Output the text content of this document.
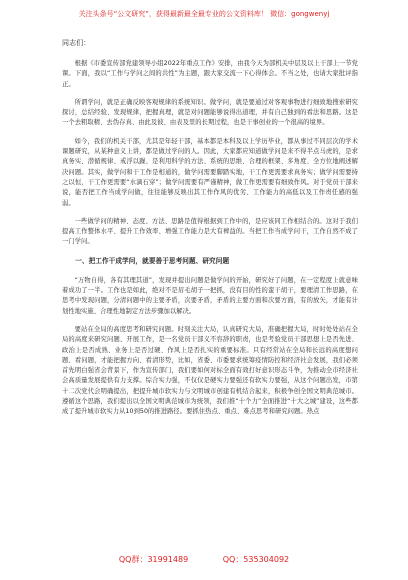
关注头条号“公文研究”，获得最新最全最专业的公文资料库！ 微信：gongwenyj
同志们：

根据《市委宣传部党建领导小组2022年重点工作》安排，由我今天为部机关中层及以上干部上一节党课。下面，我以“工作与学问之间的共性”为主题，跟大家交流一下心得体会。不当之处，也请大家批评指正。

所谓学问，就是正确反映客观规律的系统知识。做学问，就是要通过对客观事物进行细致地搜索研究探讨，总结经验、发现规律，把握真理，就是对问题能够说得出道理，并有自己独到的看法和思路。这是一个去粗取精、去伪存真、由此及彼、由表及里的长期过程，也是干事创业的一个很高的境界。

如今，我们的机关干部，尤其是年轻干部，基本都是本科及以上学历毕业，都从事过不同层次的学术课题研究，从某种意义上讲，都是做过学问的人。因此，大家都应知道做学问是来不得半点马虎的，是求真务实、潜循规律、戒浮以躁、是利用科学的方法、系统的思维、合理的框架、多角度、全方位地阐述解决问题。其实，做学问和干工作是相通的，做学问需要脚踏实地，干工作更需要求真务实；做学问需要持之以恒，干工作更需要“水滴石穿”；做学问需要有严谨精神，做工作更需要有细致作风。对于党员干部来说，能否把工作当成学问做，往往能够反映出其工作作风的优劣、工作能力的高低以及工作责任感的强弱。

一些做学问的精神、态度、方法、思路是值得根据到工作中的，是应该同工作相结合的。这对于我们提高工作整体水平、提升工作效率、增强工作能力是大有裨益的。当把工作当成学问干，工作自然不成了一门学问。

一、把工作干成学问，就要善于思考问题、研究问题

“万物自得，各有其理其道”，发现并提出问题是做学问的开始，研究好了问题，在一定程度上就意味着成功了一半。工作也是如此，绝对不是眉毛胡子一把抓，没有目的性的蛮干胡干，要理清工作思路，在思考中发现问题，分清问题中的主要矛盾，次要矛盾，矛盾的主要方面和次要方面，有的放矢，才能有计划性地实施、合理性地制定方法步骤加以解决。

要站在全局的高度思考和研究问题。时刻关注大局，认真研究大局，准确把握大局，时时处处站在全局的高度来研究问题、开展工作，是一名党员干部义不容辞的职责，也是考验党员干部思想上是否先进、政治上是否成熟、业务上是否过硬、作风上是否扎实的重要标准。只有经常站在全局和长远的高度想问题、看问题，才能把握方向、看清形势，比如，省委、市委要求统筹疫情防控和经济社会发展，我们必须首先明白强省会背景下，作为宣传部门，我们要如何对标全面有效打好意识形态斗争，为推动全市经济社会高质量发展提供有力支撑。综合实力强，不仅仅是硬实力要强还有软实力要强，从这个问题出发，市第十二次党代会明确提出，把提升城市软实力与文明城市创建有机结合起来，积极争创全国文明典范城市。遵循这个思路，我们提出以全国文明典范城市为统领，我们推“十个力”全面推进“十大之城”建设，这些都成了提升城市软实力从10到50的推进路径。要抓住热点、重点、难点思考和研究问题。热点

QQ群：31991489	QQ：535304092
